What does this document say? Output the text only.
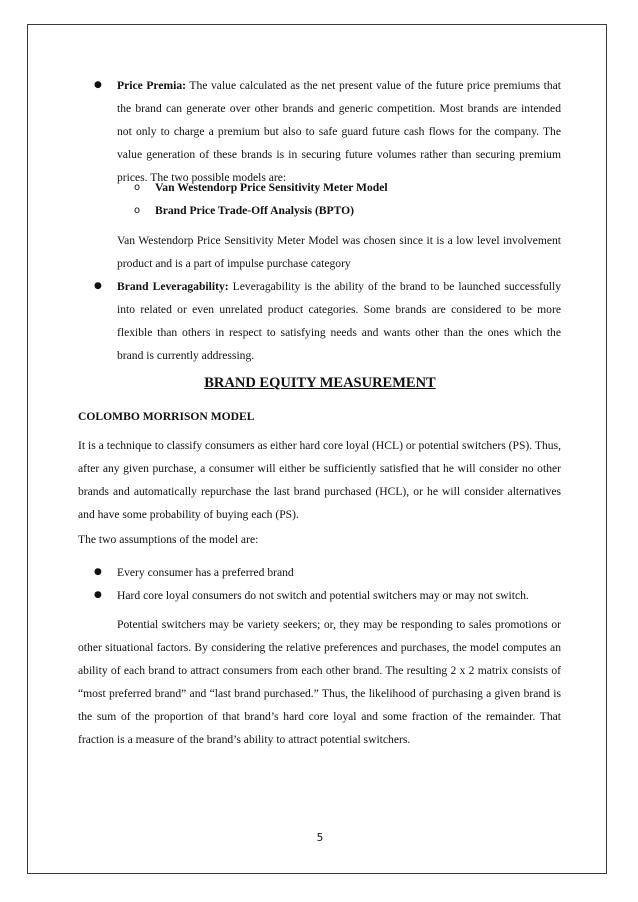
● Price Premia: The value calculated as the net present value of the future price premiums that the brand can generate over other brands and generic competition. Most brands are intended not only to charge a premium but also to safe guard future cash flows for the company. The value generation of these brands is in securing future volumes rather than securing premium prices. The two possible models are:
o Van Westendorp Price Sensitivity Meter Model
o Brand Price Trade-Off Analysis (BPTO)
Van Westendorp Price Sensitivity Meter Model was chosen since it is a low level involvement product and is a part of impulse purchase category
● Brand Leveragability: Leveragability is the ability of the brand to be launched successfully into related or even unrelated product categories. Some brands are considered to be more flexible than others in respect to satisfying needs and wants other than the ones which the brand is currently addressing.
BRAND EQUITY MEASUREMENT
COLOMBO MORRISON MODEL
It is a technique to classify consumers as either hard core loyal (HCL) or potential switchers (PS). Thus, after any given purchase, a consumer will either be sufficiently satisfied that he will consider no other brands and automatically repurchase the last brand purchased (HCL), or he will consider alternatives and have some probability of buying each (PS).
The two assumptions of the model are:
● Every consumer has a preferred brand
● Hard core loyal consumers do not switch and potential switchers may or may not switch.
Potential switchers may be variety seekers; or, they may be responding to sales promotions or other situational factors. By considering the relative preferences and purchases, the model computes an ability of each brand to attract consumers from each other brand. The resulting 2 x 2 matrix consists of “most preferred brand” and “last brand purchased.” Thus, the likelihood of purchasing a given brand is the sum of the proportion of that brand’s hard core loyal and some fraction of the remainder. That fraction is a measure of the brand’s ability to attract potential switchers.
5
